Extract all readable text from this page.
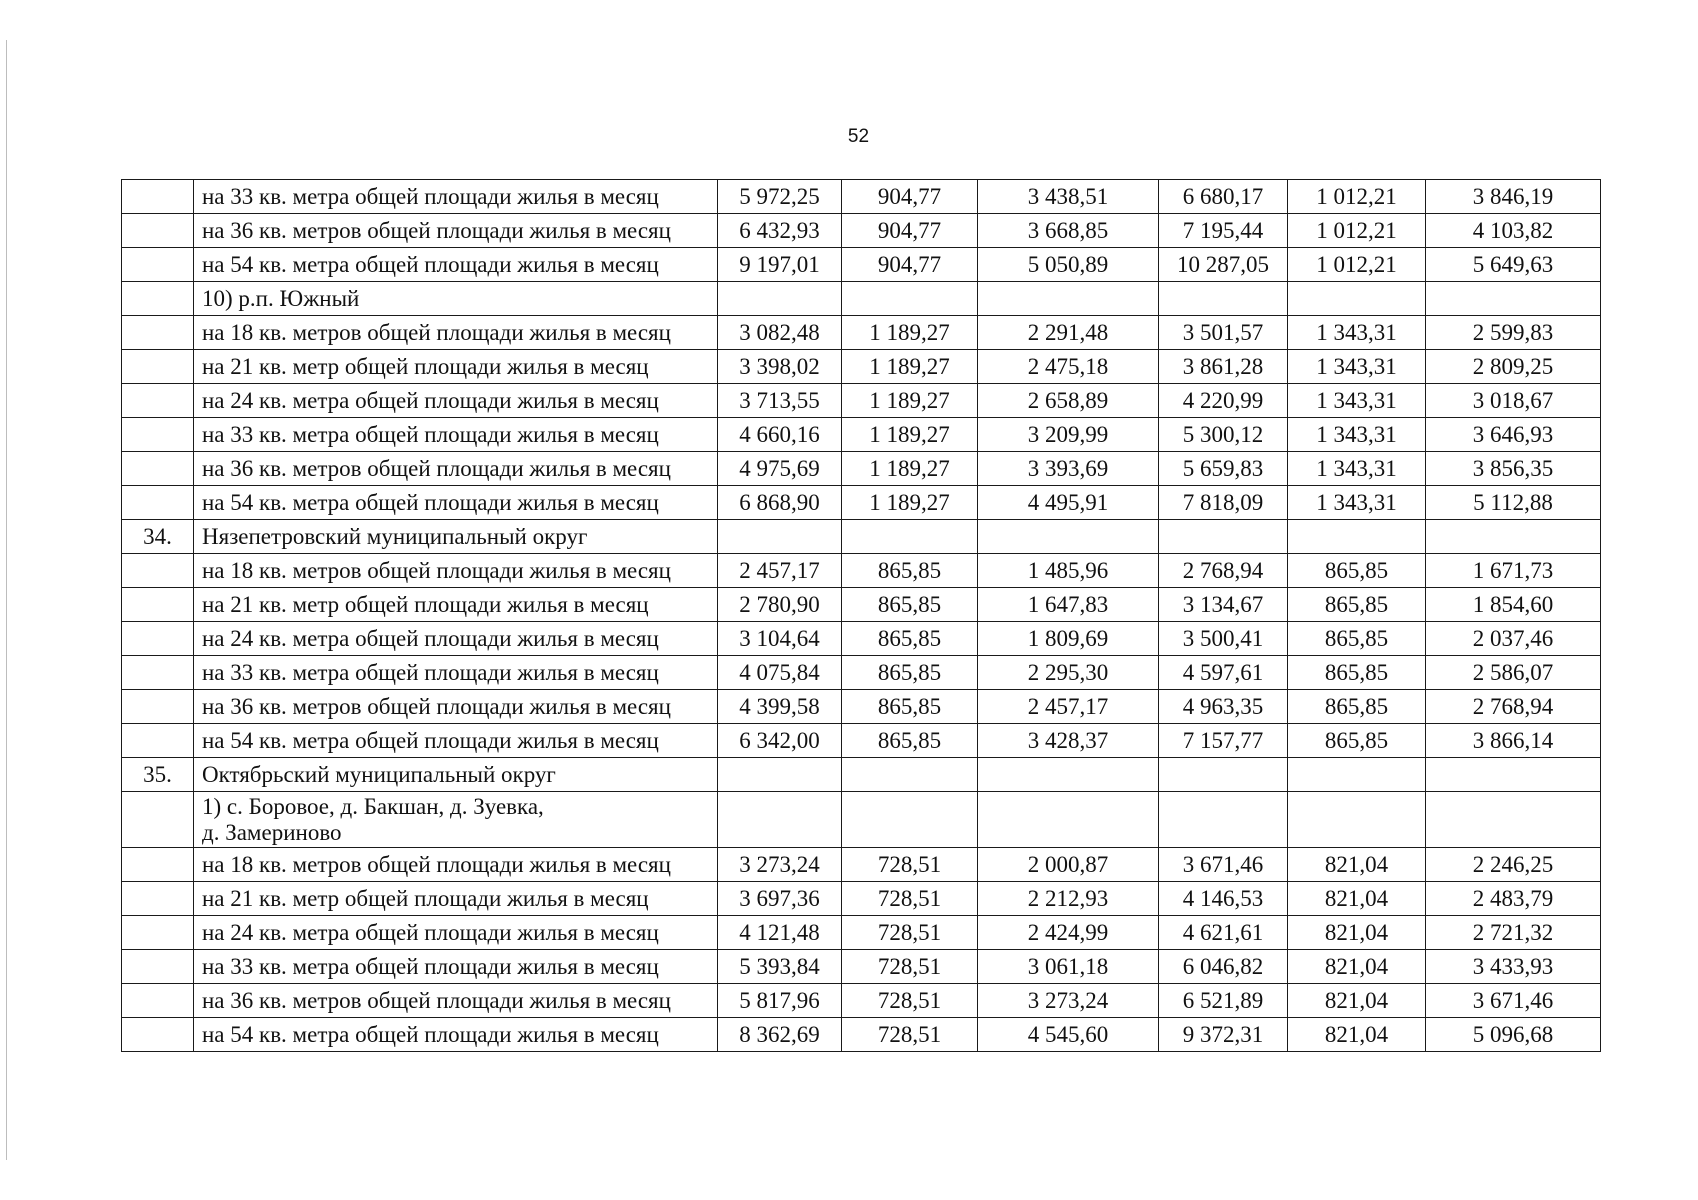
52
	на 33 кв. метра общей площади жилья в месяц	5 972,25	904,77	3 438,51	6 680,17	1 012,21	3 846,19
	на 36 кв. метров общей площади жилья в месяц	6 432,93	904,77	3 668,85	7 195,44	1 012,21	4 103,82
	на 54 кв. метра общей площади жилья в месяц	9 197,01	904,77	5 050,89	10 287,05	1 012,21	5 649,63
	10) р.п. Южный						
	на 18 кв. метров общей площади жилья в месяц	3 082,48	1 189,27	2 291,48	3 501,57	1 343,31	2 599,83
	на 21 кв. метр общей площади жилья в месяц	3 398,02	1 189,27	2 475,18	3 861,28	1 343,31	2 809,25
	на 24 кв. метра общей площади жилья в месяц	3 713,55	1 189,27	2 658,89	4 220,99	1 343,31	3 018,67
	на 33 кв. метра общей площади жилья в месяц	4 660,16	1 189,27	3 209,99	5 300,12	1 343,31	3 646,93
	на 36 кв. метров общей площади жилья в месяц	4 975,69	1 189,27	3 393,69	5 659,83	1 343,31	3 856,35
	на 54 кв. метра общей площади жилья в месяц	6 868,90	1 189,27	4 495,91	7 818,09	1 343,31	5 112,88
34.	Нязепетровский муниципальный округ						
	на 18 кв. метров общей площади жилья в месяц	2 457,17	865,85	1 485,96	2 768,94	865,85	1 671,73
	на 21 кв. метр общей площади жилья в месяц	2 780,90	865,85	1 647,83	3 134,67	865,85	1 854,60
	на 24 кв. метра общей площади жилья в месяц	3 104,64	865,85	1 809,69	3 500,41	865,85	2 037,46
	на 33 кв. метра общей площади жилья в месяц	4 075,84	865,85	2 295,30	4 597,61	865,85	2 586,07
	на 36 кв. метров общей площади жилья в месяц	4 399,58	865,85	2 457,17	4 963,35	865,85	2 768,94
	на 54 кв. метра общей площади жилья в месяц	6 342,00	865,85	3 428,37	7 157,77	865,85	3 866,14
35.	Октябрьский муниципальный округ						
	1) с. Боровое, д. Бакшан, д. Зуевка,
д. Замериново						
	на 18 кв. метров общей площади жилья в месяц	3 273,24	728,51	2 000,87	3 671,46	821,04	2 246,25
	на 21 кв. метр общей площади жилья в месяц	3 697,36	728,51	2 212,93	4 146,53	821,04	2 483,79
	на 24 кв. метра общей площади жилья в месяц	4 121,48	728,51	2 424,99	4 621,61	821,04	2 721,32
	на 33 кв. метра общей площади жилья в месяц	5 393,84	728,51	3 061,18	6 046,82	821,04	3 433,93
	на 36 кв. метров общей площади жилья в месяц	5 817,96	728,51	3 273,24	6 521,89	821,04	3 671,46
	на 54 кв. метра общей площади жилья в месяц	8 362,69	728,51	4 545,60	9 372,31	821,04	5 096,68
